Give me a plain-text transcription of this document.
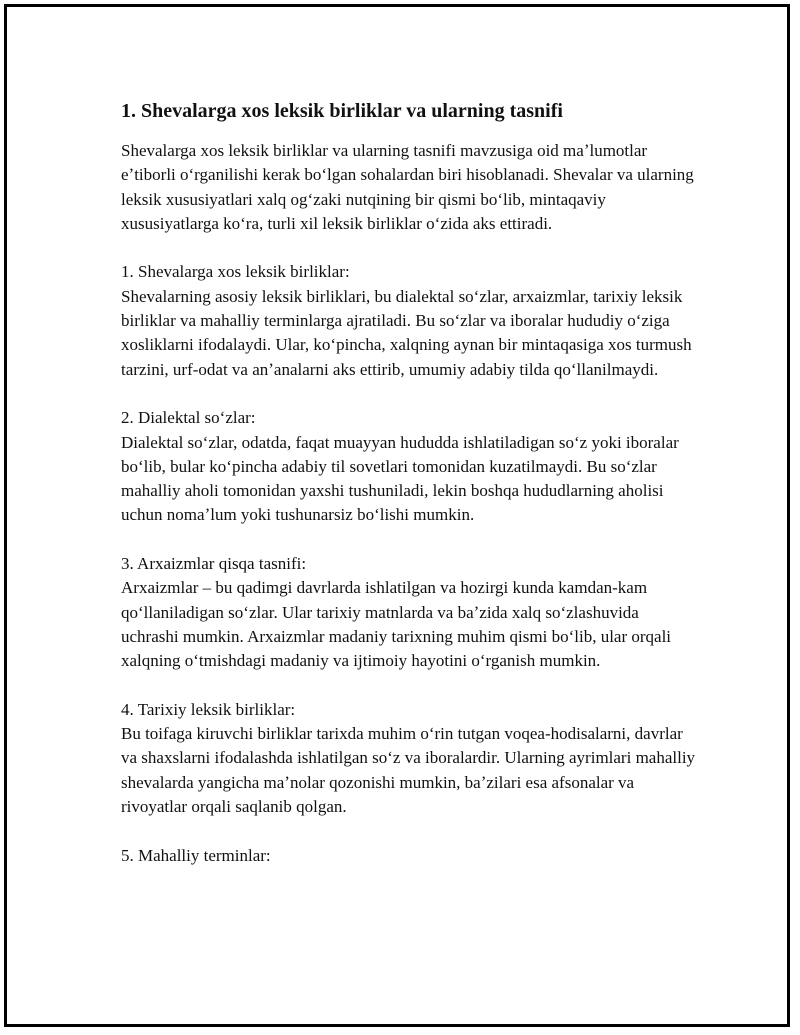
1. Shevalarga xos leksik birliklar va ularning tasnifi

Shevalarga xos leksik birliklar va ularning tasnifi mavzusiga oid maʼlumotlar eʼtiborli oʻrganilishi kerak boʻlgan sohalardan biri hisoblanadi. Shevalar va ularning leksik xususiyatlari xalq ogʻzaki nutqining bir qismi boʻlib, mintaqaviy xususiyatlarga koʻra, turli xil leksik birliklar oʻzida aks ettiradi.

1. Shevalarga xos leksik birliklar:
Shevalarning asosiy leksik birliklari, bu dialektal soʻzlar, arxaizmlar, tarixiy leksik birliklar va mahalliy terminlarga ajratiladi. Bu soʻzlar va iboralar hududiy oʻziga xosliklarni ifodalaydi. Ular, koʻpincha, xalqning aynan bir mintaqasiga xos turmush tarzini, urf-odat va anʼanalarni aks ettirib, umumiy adabiy tilda qoʻllanilmaydi.
2. Dialektal soʻzlar:
Dialektal soʻzlar, odatda, faqat muayyan hududda ishlatiladigan soʻz yoki iboralar boʻlib, bular koʻpincha adabiy til sovetlari tomonidan kuzatilmaydi. Bu soʻzlar mahalliy aholi tomonidan yaxshi tushuniladi, lekin boshqa hududlarning aholisi uchun nomaʼlum yoki tushunarsiz boʻlishi mumkin.
3. Arxaizmlar qisqa tasnifi:
Arxaizmlar – bu qadimgi davrlarda ishlatilgan va hozirgi kunda kamdan-kam qoʻllaniladigan soʻzlar. Ular tarixiy matnlarda va baʼzida xalq soʻzlashuvida uchrashi mumkin. Arxaizmlar madaniy tarixning muhim qismi boʻlib, ular orqali xalqning oʻtmishdagi madaniy va ijtimoiy hayotini oʻrganish mumkin.
4. Tarixiy leksik birliklar:
Bu toifaga kiruvchi birliklar tarixda muhim oʻrin tutgan voqea-hodisalarni, davrlar va shaxslarni ifodalashda ishlatilgan soʻz va iboralardir. Ularning ayrimlari mahalliy shevalarda yangicha maʼnolar qozonishi mumkin, baʼzilari esa afsonalar va rivoyatlar orqali saqlanib qolgan.
5. Mahalliy terminlar:
